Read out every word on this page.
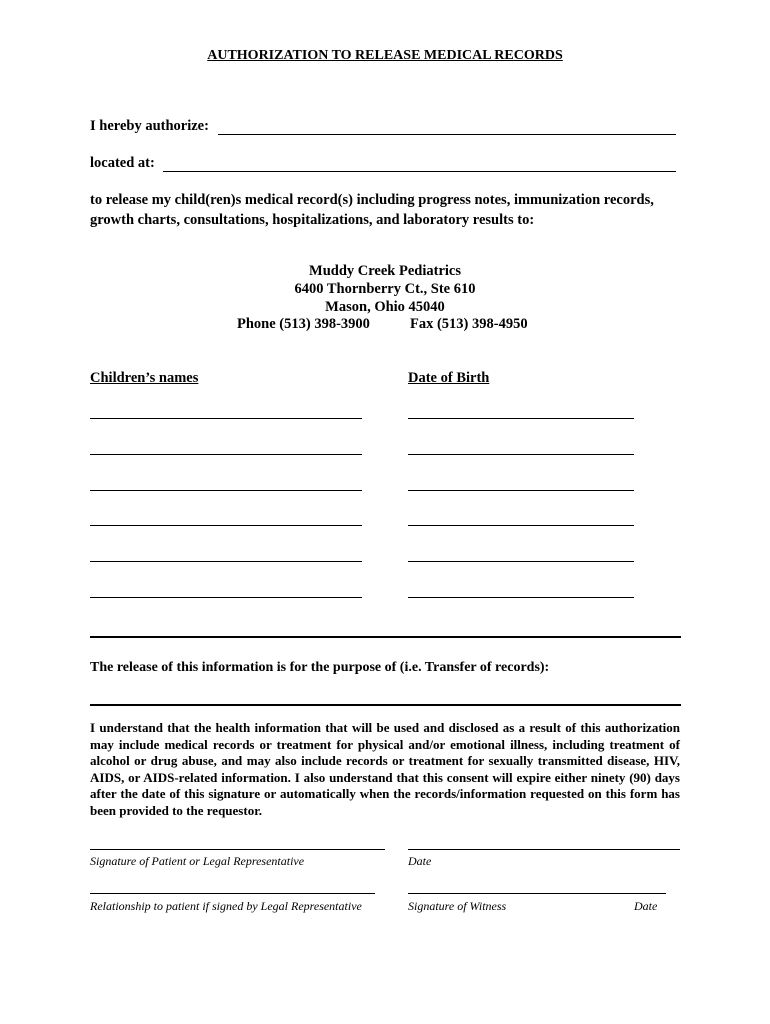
AUTHORIZATION TO RELEASE MEDICAL RECORDS
I hereby authorize:
located at:
to release my child(ren)s medical record(s) including progress notes, immunization records, growth charts, consultations, hospitalizations, and laboratory results to:
Muddy Creek Pediatrics
6400 Thornberry Ct., Ste 610
Mason, Ohio 45040
Phone (513) 398-3900	Fax (513) 398-4950
Children’s names	Date of Birth
The release of this information is for the purpose of (i.e. Transfer of records):
I understand that the health information that will be used and disclosed as a result of this authorization may include medical records or treatment for physical and/or emotional illness, including treatment of alcohol or drug abuse, and may also include records or treatment for sexually transmitted disease, HIV, AIDS, or AIDS-related information. I also understand that this consent will expire either ninety (90) days after the date of this signature or automatically when the records/information requested on this form has been provided to the requestor.
Signature of Patient or Legal Representative	Date
Relationship to patient if signed by Legal Representative	Signature of Witness	Date
